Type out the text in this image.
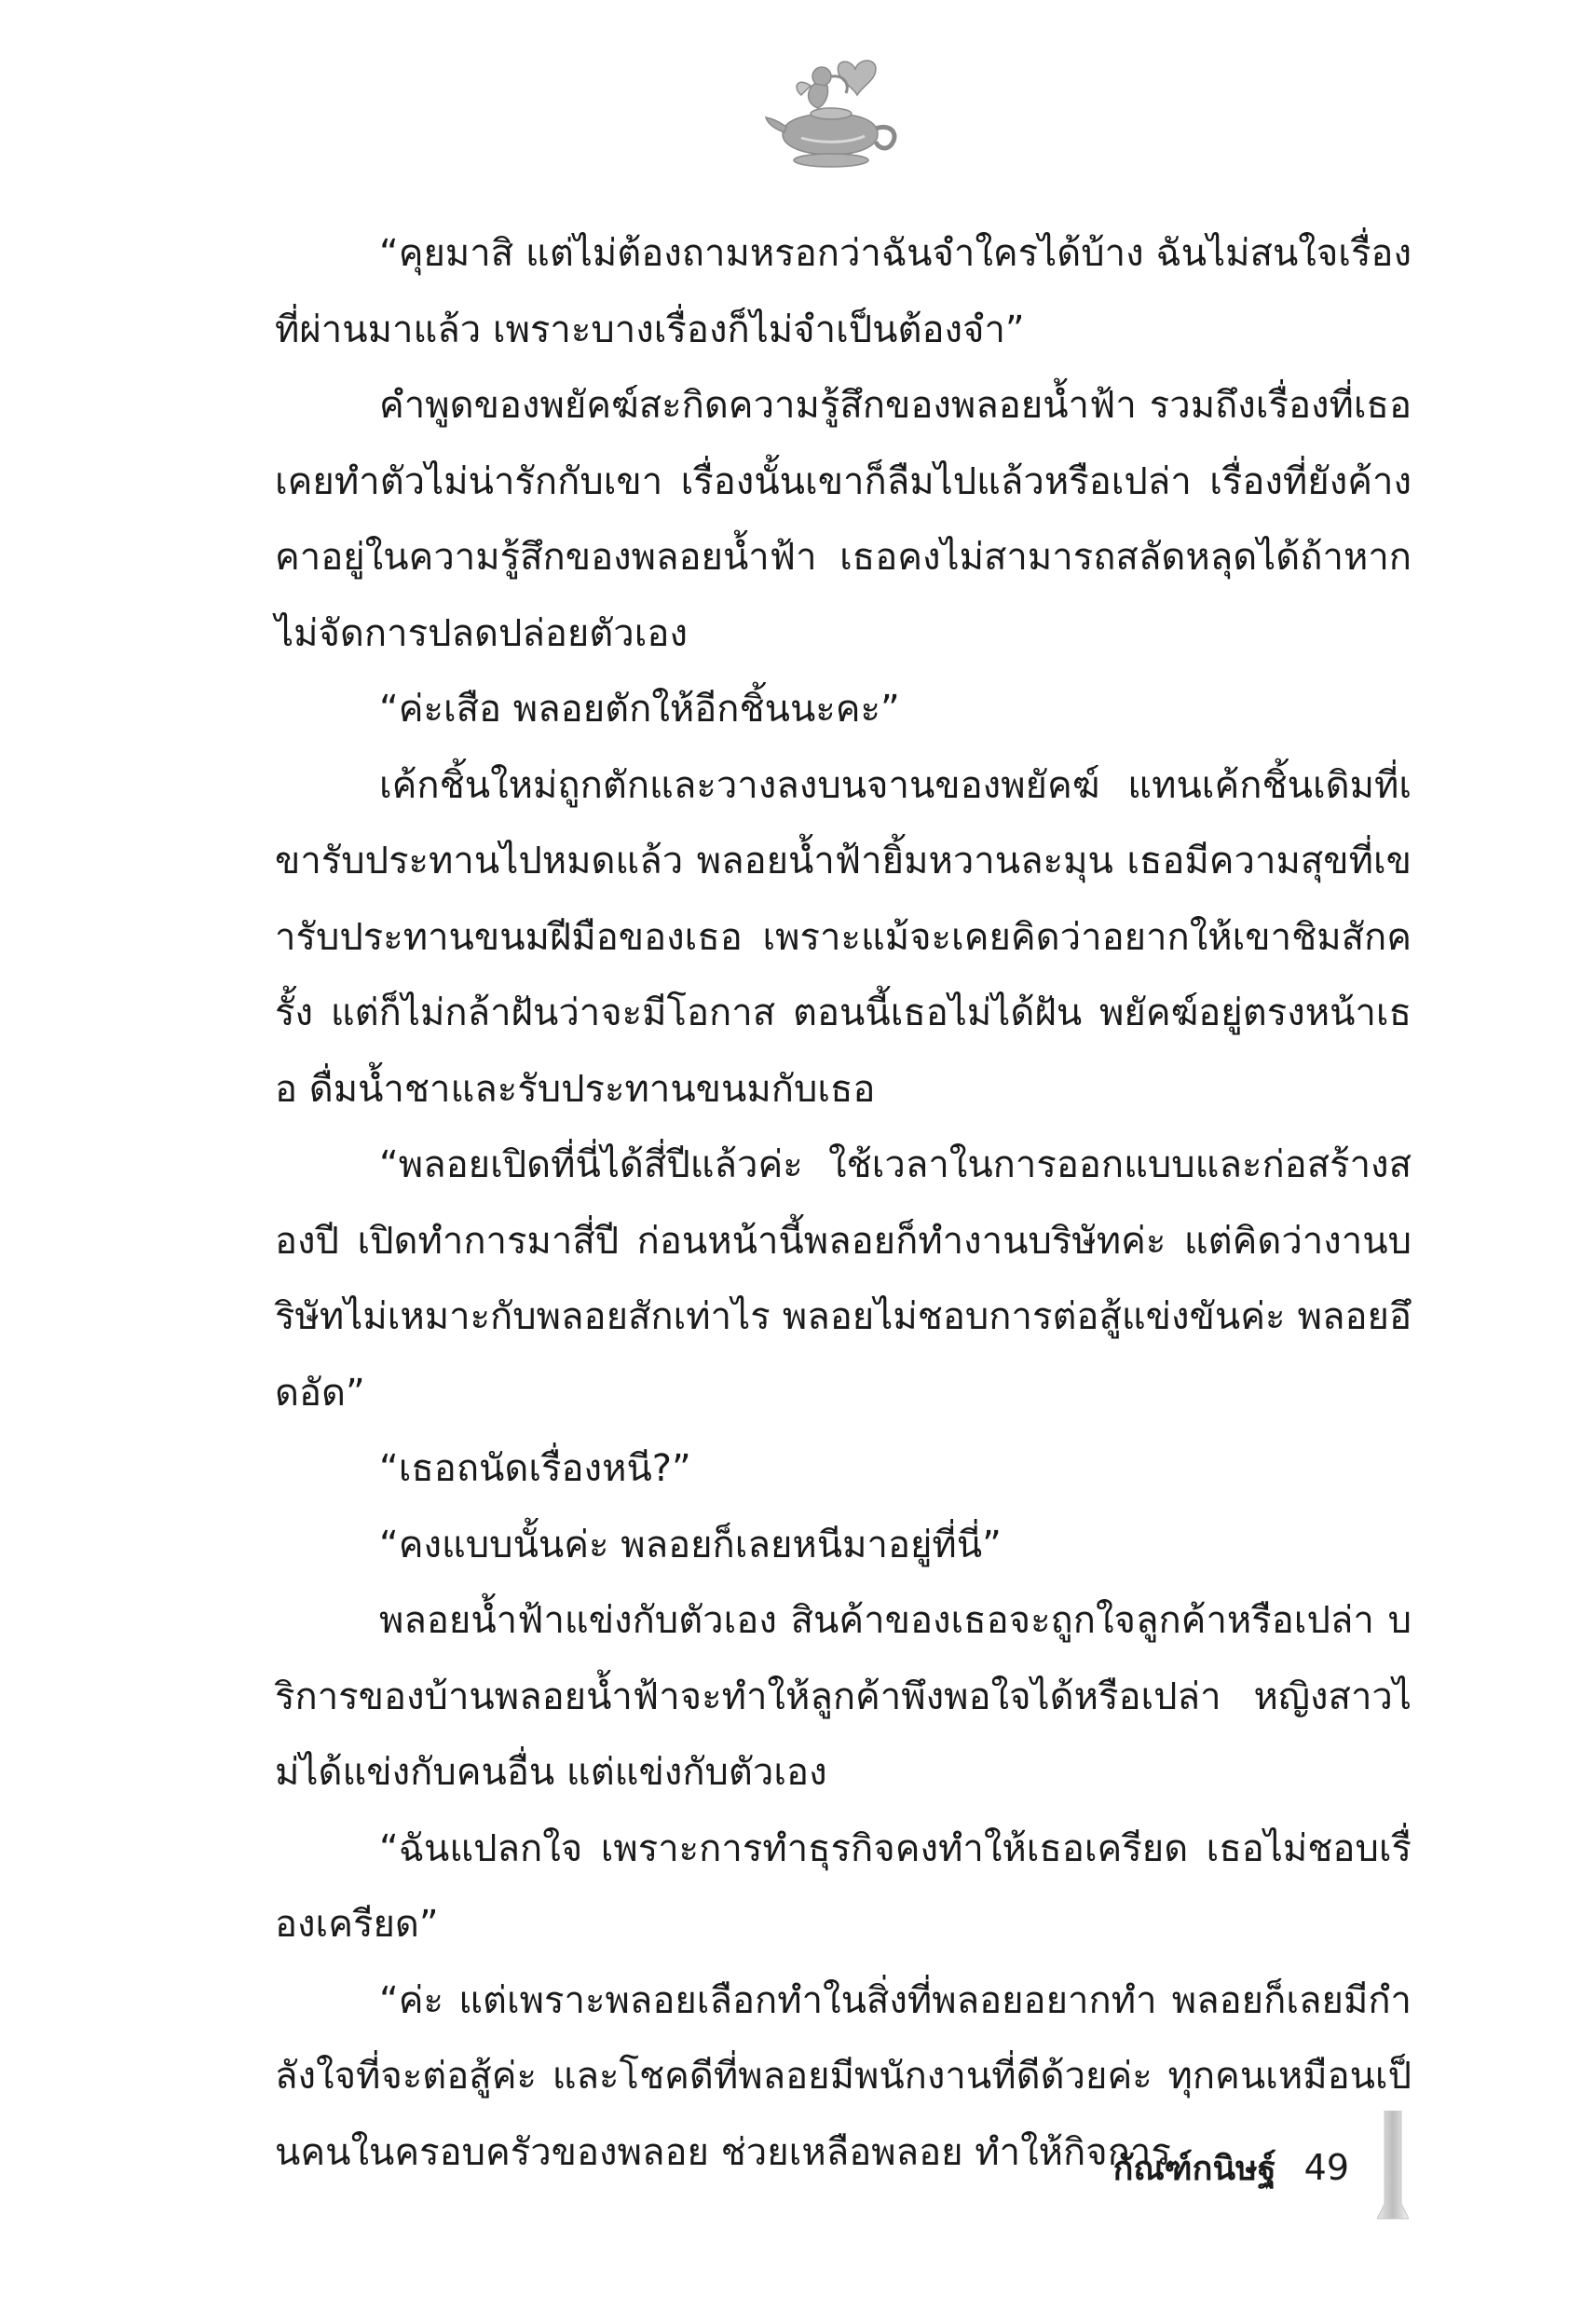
“คุยมาสิ แต่ไม่ต้องถามหรอกว่าฉันจำใครได้บ้าง ฉันไม่สนใจเรื่องที่ผ่านมาแล้ว เพราะบางเรื่องก็ไม่จำเป็นต้องจำ”

คำพูดของพยัคฆ์สะกิดความรู้สึกของพลอยน้ำฟ้า รวมถึงเรื่องที่เธอเคยทำตัวไม่น่ารักกับเขา เรื่องนั้นเขาก็ลืมไปแล้วหรือเปล่า เรื่องที่ยังค้างคาอยู่ในความรู้สึกของพลอยน้ำฟ้า เธอคงไม่สามารถสลัดหลุดได้ถ้าหากไม่จัดการปลดปล่อยตัวเอง

“ค่ะเสือ พลอยตักให้อีกชิ้นนะคะ”

เค้กชิ้นใหม่ถูกตักและวางลงบนจานของพยัคฆ์ แทนเค้กชิ้นเดิมที่เขารับประทานไปหมดแล้ว พลอยน้ำฟ้ายิ้มหวานละมุน เธอมีความสุขที่เขารับประทานขนมฝีมือของเธอ เพราะแม้จะเคยคิดว่าอยากให้เขาชิมสักครั้ง แต่ก็ไม่กล้าฝันว่าจะมีโอกาส ตอนนี้เธอไม่ได้ฝัน พยัคฆ์อยู่ตรงหน้าเธอ ดื่มน้ำชาและรับประทานขนมกับเธอ

“พลอยเปิดที่นี่ได้สี่ปีแล้วค่ะ ใช้เวลาในการออกแบบและก่อสร้างสองปี เปิดทำการมาสี่ปี ก่อนหน้านี้พลอยก็ทำงานบริษัทค่ะ แต่คิดว่างานบริษัทไม่เหมาะกับพลอยสักเท่าไร พลอยไม่ชอบการต่อสู้แข่งขันค่ะ พลอยอึดอัด”

“เธอถนัดเรื่องหนี?”

“คงแบบนั้นค่ะ พลอยก็เลยหนีมาอยู่ที่นี่”

พลอยน้ำฟ้าแข่งกับตัวเอง สินค้าของเธอจะถูกใจลูกค้าหรือเปล่า บริการของบ้านพลอยน้ำฟ้าจะทำให้ลูกค้าพึงพอใจได้หรือเปล่า หญิงสาวไม่ได้แข่งกับคนอื่น แต่แข่งกับตัวเอง

“ฉันแปลกใจ เพราะการทำธุรกิจคงทำให้เธอเครียด เธอไม่ชอบเรื่องเครียด”

“ค่ะ แต่เพราะพลอยเลือกทำในสิ่งที่พลอยอยากทำ พลอยก็เลยมีกำลังใจที่จะต่อสู้ค่ะ และโชคดีที่พลอยมีพนักงานที่ดีด้วยค่ะ ทุกคนเหมือนเป็นคนในครอบครัวของพลอย ช่วยเหลือพลอย ทำให้กิจการ

กัณฑ์กนิษฐ์ 49
